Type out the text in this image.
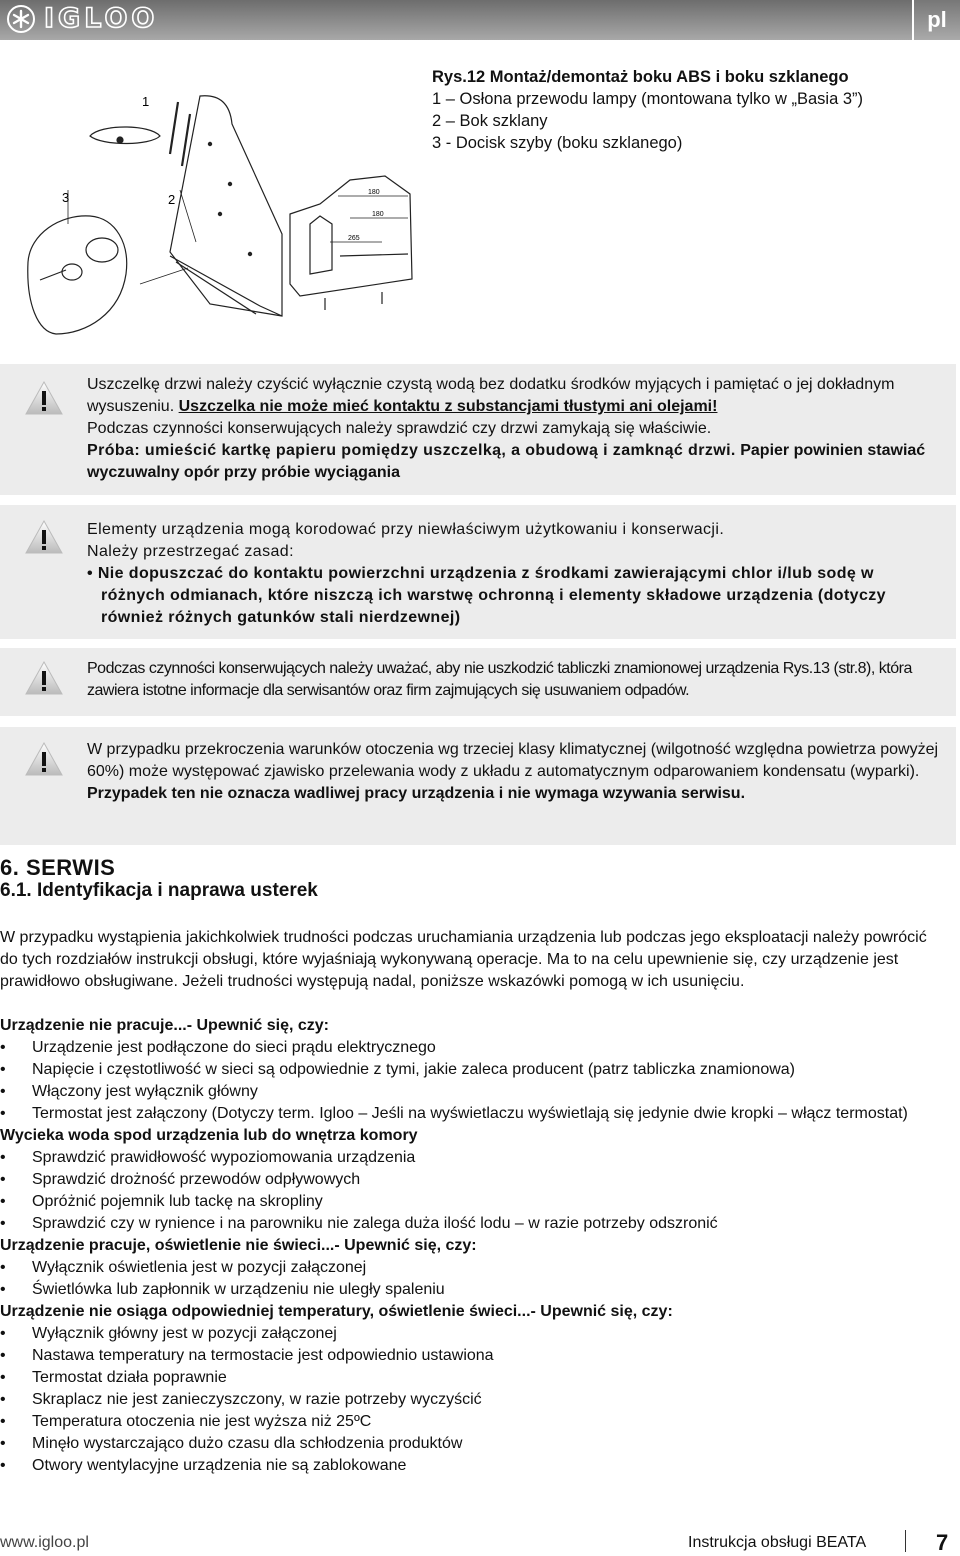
IGLOO	pl
Rys.12 Montaż/demontaż boku ABS i boku szklanego
1 – Osłona przewodu lampy (montowana tylko w „Basia 3”)
2 – Bok szklany
3 - Docisk szyby (boku szklanego)
1
2
3	180
180
265
Uszczelkę drzwi należy czyścić wyłącznie czystą wodą bez dodatku środków myjących i pamiętać o jej dokładnym wysuszeniu. Uszczelka nie może mieć kontaktu z substancjami tłustymi ani olejami!
Podczas czynności konserwujących należy sprawdzić czy drzwi zamykają się właściwie.
Próba: umieścić kartkę papieru pomiędzy uszczelką, a obudową i zamknąć drzwi. Papier powinien stawiać wyczuwalny opór przy próbie wyciągania
Elementy urządzenia mogą korodować przy niewłaściwym użytkowaniu i konserwacji.
Należy przestrzegać zasad:
• Nie dopuszczać do kontaktu powierzchni urządzenia z środkami zawierającymi chlor i/lub sodę w różnych odmianach, które niszczą ich warstwę ochronną i elementy składowe urządzenia (dotyczy również różnych gatunków stali nierdzewnej)
Podczas czynności konserwujących należy uważać, aby nie uszkodzić tabliczki znamionowej urządzenia Rys.13 (str.8), która zawiera istotne informacje dla serwisantów oraz firm zajmujących się usuwaniem odpadów.
W przypadku przekroczenia warunków otoczenia wg trzeciej klasy klimatycznej (wilgotność względna powietrza powyżej 60%) może występować zjawisko przelewania wody z układu z automatycznym odparowaniem kondensatu (wyparki). Przypadek ten nie oznacza wadliwej pracy urządzenia i nie wymaga wzywania serwisu.
6. SERWIS
6.1. Identyfikacja i naprawa usterek
W przypadku wystąpienia jakichkolwiek trudności podczas uruchamiania urządzenia lub podczas jego eksploatacji należy powrócić do tych rozdziałów instrukcji obsługi, które wyjaśniają wykonywaną operacje. Ma to na celu upewnienie się, czy urządzenie jest prawidłowo obsługiwane. Jeżeli trudności występują nadal, poniższe wskazówki pomogą w ich usunięciu.
Urządzenie nie pracuje...- Upewnić się, czy:
• Urządzenie jest podłączone do sieci prądu elektrycznego
• Napięcie i częstotliwość w sieci są odpowiednie z tymi, jakie zaleca producent (patrz tabliczka znamionowa)
• Włączony jest wyłącznik główny
• Termostat jest załączony (Dotyczy term. Igloo – Jeśli na wyświetlaczu wyświetlają się jedynie dwie kropki – włącz termostat)
Wycieka woda spod urządzenia lub do wnętrza komory
• Sprawdzić prawidłowość wypoziomowania urządzenia
• Sprawdzić drożność przewodów odpływowych
• Opróżnić pojemnik lub tackę na skropliny
• Sprawdzić czy w rynience i na parowniku nie zalega duża ilość lodu – w razie potrzeby odszronić
Urządzenie pracuje, oświetlenie nie świeci...- Upewnić się, czy:
• Wyłącznik oświetlenia jest w pozycji załączonej
• Świetlówka lub zapłonnik w urządzeniu nie uległy spaleniu
Urządzenie nie osiąga odpowiedniej temperatury, oświetlenie świeci...- Upewnić się, czy:
• Wyłącznik główny jest w pozycji załączonej
• Nastawa temperatury na termostacie jest odpowiednio ustawiona
• Termostat działa poprawnie
• Skraplacz nie jest zanieczyszczony, w razie potrzeby wyczyścić
• Temperatura otoczenia nie jest wyższa niż 25ºC
• Minęło wystarczająco dużo czasu dla schłodzenia produktów
• Otwory wentylacyjne urządzenia nie są zablokowane
www.igloo.pl	Instrukcja obsługi BEATA	7
